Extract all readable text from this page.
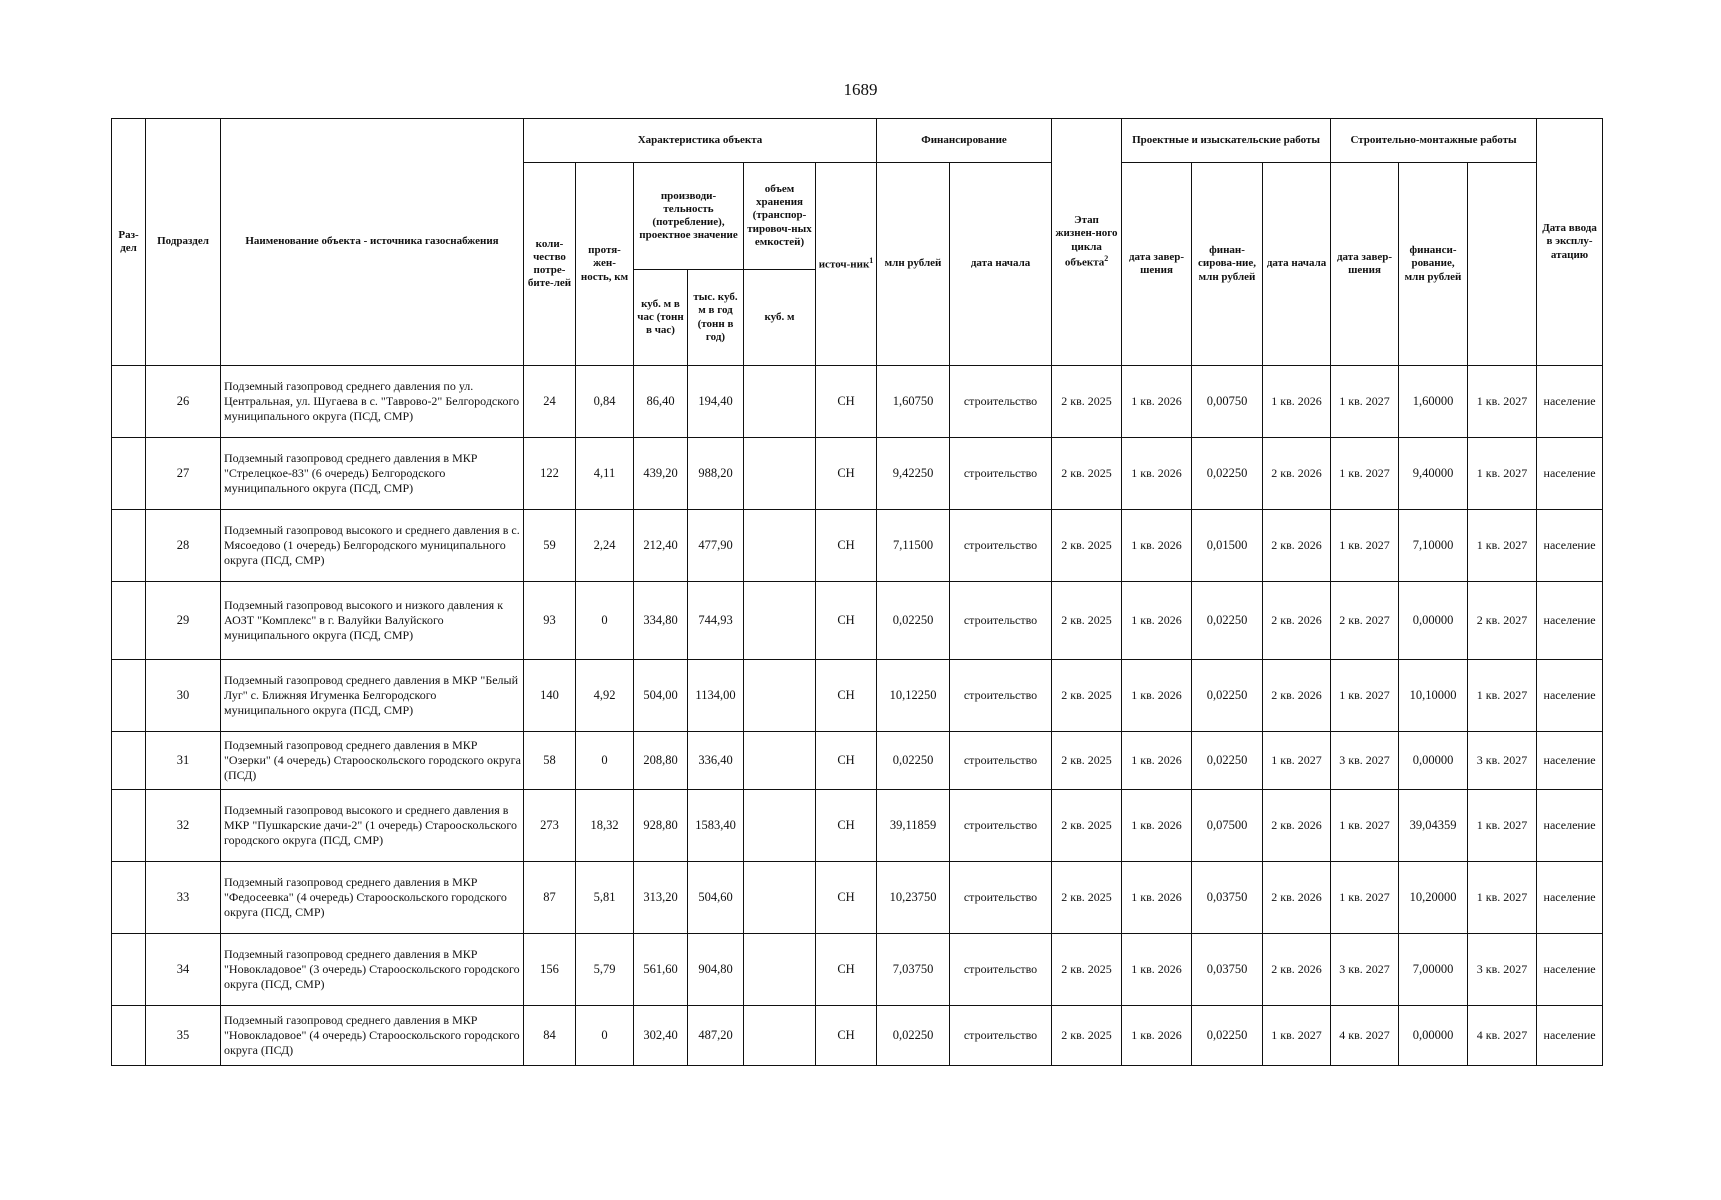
1689
Раз-дел	Подраздел	Наименование объекта - источника газоснабжения	Характеристика объекта						Финансирование		Этап жизнен-ного цикла объекта$^2$	Проектные и изыскательские работы			Строительно-монтажные работы			Дата ввода в эксплу-атацию	
			коли-чество потре-бите-лей	протя-жен-ность, км	производи-тельность (потребление), проектное значение		объем хранения (транспор-тировоч-ных емкостей)	источ-ник$^1$	млн рублей	дата начала		дата завер-шения	финан-сирова-ние, млн рублей	дата начала	дата завер-шения	финанси-рование, млн рублей			
					куб. м в час (тонн в час)	тыс. куб. м в год (тонн в год)	куб. м												
	26	Подземный газопровод среднего давления по ул. Центральная, ул. Шугаева в с. "Таврово-2" Белгородского муниципального округа (ПСД, СМР)	24	0,84	86,40	194,40		СН	1,60750	строительство	2 кв. 2025	1 кв. 2026	0,00750	1 кв. 2026	1 кв. 2027	1,60000	1 кв. 2027	население	
	27	Подземный газопровод среднего давления в МКР "Стрелецкое-83" (6 очередь) Белгородского муниципального округа (ПСД, СМР)	122	4,11	439,20	988,20		СН	9,42250	строительство	2 кв. 2025	1 кв. 2026	0,02250	2 кв. 2026	1 кв. 2027	9,40000	1 кв. 2027	население	
	28	Подземный газопровод высокого и среднего давления в с. Мясоедово (1 очередь) Белгородского муниципального округа (ПСД, СМР)	59	2,24	212,40	477,90		СН	7,11500	строительство	2 кв. 2025	1 кв. 2026	0,01500	2 кв. 2026	1 кв. 2027	7,10000	1 кв. 2027	население	
	29	Подземный газопровод высокого и низкого давления к АОЗТ "Комплекс" в г. Валуйки Валуйского муниципального округа (ПСД, СМР)	93	0	334,80	744,93		СН	0,02250	строительство	2 кв. 2025	1 кв. 2026	0,02250	2 кв. 2026	2 кв. 2027	0,00000	2 кв. 2027	население	
	30	Подземный газопровод среднего давления в МКР "Белый Луг" с. Ближняя Игуменка Белгородского муниципального округа (ПСД, СМР)	140	4,92	504,00	1134,00		СН	10,12250	строительство	2 кв. 2025	1 кв. 2026	0,02250	2 кв. 2026	1 кв. 2027	10,10000	1 кв. 2027	население	
	31	Подземный газопровод среднего давления в МКР "Озерки" (4 очередь) Старооскольского городского округа (ПСД)	58	0	208,80	336,40		СН	0,02250	строительство	2 кв. 2025	1 кв. 2026	0,02250	1 кв. 2027	3 кв. 2027	0,00000	3 кв. 2027	население	
	32	Подземный газопровод высокого и среднего давления в МКР "Пушкарские дачи-2" (1 очередь) Старооскольского городского округа (ПСД, СМР)	273	18,32	928,80	1583,40		СН	39,11859	строительство	2 кв. 2025	1 кв. 2026	0,07500	2 кв. 2026	1 кв. 2027	39,04359	1 кв. 2027	население	
	33	Подземный газопровод среднего давления в МКР "Федосеевка" (4 очередь) Старооскольского городского округа (ПСД, СМР)	87	5,81	313,20	504,60		СН	10,23750	строительство	2 кв. 2025	1 кв. 2026	0,03750	2 кв. 2026	1 кв. 2027	10,20000	1 кв. 2027	население	
	34	Подземный газопровод среднего давления в МКР "Новокладовое" (3 очередь) Старооскольского городского округа (ПСД, СМР)	156	5,79	561,60	904,80		СН	7,03750	строительство	2 кв. 2025	1 кв. 2026	0,03750	2 кв. 2026	3 кв. 2027	7,00000	3 кв. 2027	население	
	35	Подземный газопровод среднего давления в МКР "Новокладовое" (4 очередь) Старооскольского городского округа (ПСД)	84	0	302,40	487,20		СН	0,02250	строительство	2 кв. 2025	1 кв. 2026	0,02250	1 кв. 2027	4 кв. 2027	0,00000	4 кв. 2027	население	
